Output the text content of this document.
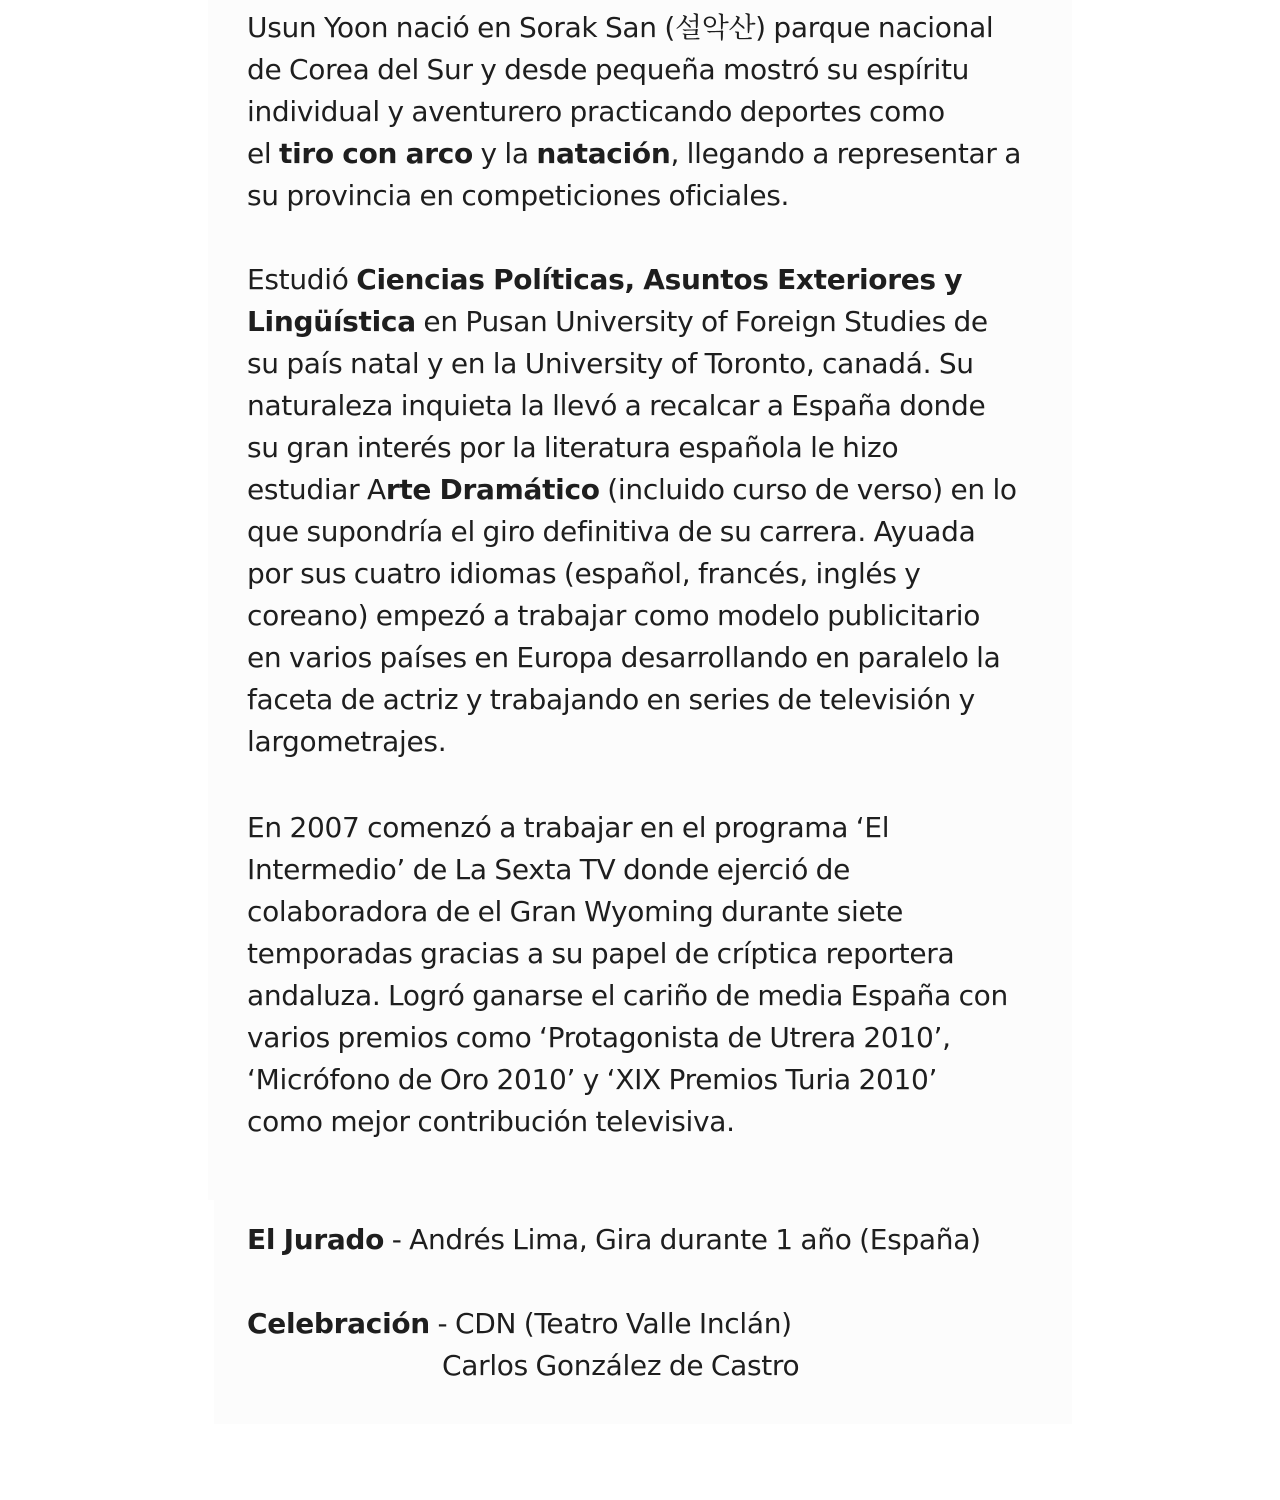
Usun Yoon nació en Sorak San (설악산) parque nacional
de Corea del Sur y desde pequeña mostró su espíritu
individual y aventurero practicando deportes como
el tiro con arco y la natación, llegando a representar a
su provincia en competiciones oficiales.
Estudió Ciencias Políticas, Asuntos Exteriores y
Lingüística en Pusan University of Foreign Studies de
su país natal y en la University of Toronto, canadá. Su
naturaleza inquieta la llevó a recalcar a España donde
su gran interés por la literatura española le hizo
estudiar Arte Dramático (incluido curso de verso) en lo
que supondría el giro definitiva de su carrera. Ayuada
por sus cuatro idiomas (español, francés, inglés y
coreano) empezó a trabajar como modelo publicitario
en varios países en Europa desarrollando en paralelo la
faceta de actriz y trabajando en series de televisión y
largometrajes.
En 2007 comenzó a trabajar en el programa ‘El
Intermedio’ de La Sexta TV donde ejerció de
colaboradora de el Gran Wyoming durante siete
temporadas gracias a su papel de críptica reportera
andaluza. Logró ganarse el cariño de media España con
varios premios como ‘Protagonista de Utrera 2010’,
‘Micrófono de Oro 2010’ y ‘XIX Premios Turia 2010’
como mejor contribución televisiva.
El Jurado - Andrés Lima, Gira durante 1 año (España)
Celebración - CDN (Teatro Valle Inclán)
Carlos González de Castro
